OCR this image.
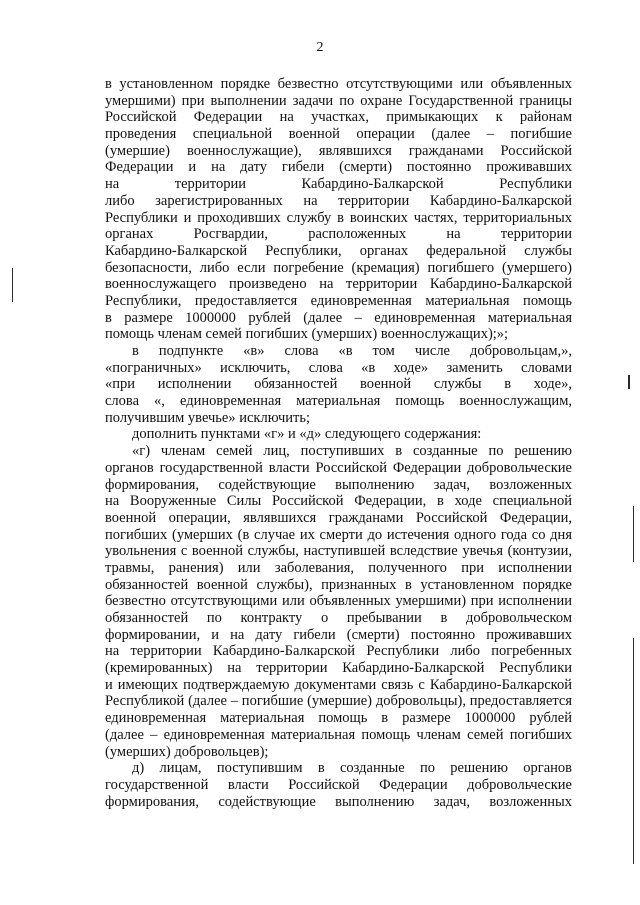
2
в установленном порядке безвестно отсутствующими или объявленных
умершими) при выполнении задачи по охране Государственной границы
Российской Федерации на участках, примыкающих к районам
проведения специальной военной операции (далее – погибшие
(умершие) военнослужащие), являвшихся гражданами Российской
Федерации и на дату гибели (смерти) постоянно проживавших
на территории Кабардино-Балкарской Республики
либо зарегистрированных на территории Кабардино-Балкарской
Республики и проходивших службу в воинских частях, территориальных
органах Росгвардии, расположенных на территории
Кабардино-Балкарской Республики, органах федеральной службы
безопасности, либо если погребение (кремация) погибшего (умершего)
военнослужащего произведено на территории Кабардино-Балкарской
Республики, предоставляется единовременная материальная помощь
в размере 1000000 рублей (далее – единовременная материальная
помощь членам семей погибших (умерших) военнослужащих);»;
в подпункте «в» слова «в том числе добровольцам,»,
«пограничных» исключить, слова «в ходе» заменить словами
«при исполнении обязанностей военной службы в ходе»,
слова «, единовременная материальная помощь военнослужащим,
получившим увечье» исключить;
дополнить пунктами «г» и «д» следующего содержания:
«г) членам семей лиц, поступивших в созданные по решению
органов государственной власти Российской Федерации добровольческие
формирования, содействующие выполнению задач, возложенных
на Вооруженные Силы Российской Федерации, в ходе специальной
военной операции, являвшихся гражданами Российской Федерации,
погибших (умерших (в случае их смерти до истечения одного года со дня
увольнения с военной службы, наступившей вследствие увечья (контузии,
травмы, ранения) или заболевания, полученного при исполнении
обязанностей военной службы), признанных в установленном порядке
безвестно отсутствующими или объявленных умершими) при исполнении
обязанностей по контракту о пребывании в добровольческом
формировании, и на дату гибели (смерти) постоянно проживавших
на территории Кабардино-Балкарской Республики либо погребенных
(кремированных) на территории Кабардино-Балкарской Республики
и имеющих подтверждаемую документами связь с Кабардино-Балкарской
Республикой (далее – погибшие (умершие) добровольцы), предоставляется
единовременная материальная помощь в размере 1000000 рублей
(далее – единовременная материальная помощь членам семей погибших
(умерших) добровольцев);
д) лицам, поступившим в созданные по решению органов
государственной власти Российской Федерации добровольческие
формирования, содействующие выполнению задач, возложенных
